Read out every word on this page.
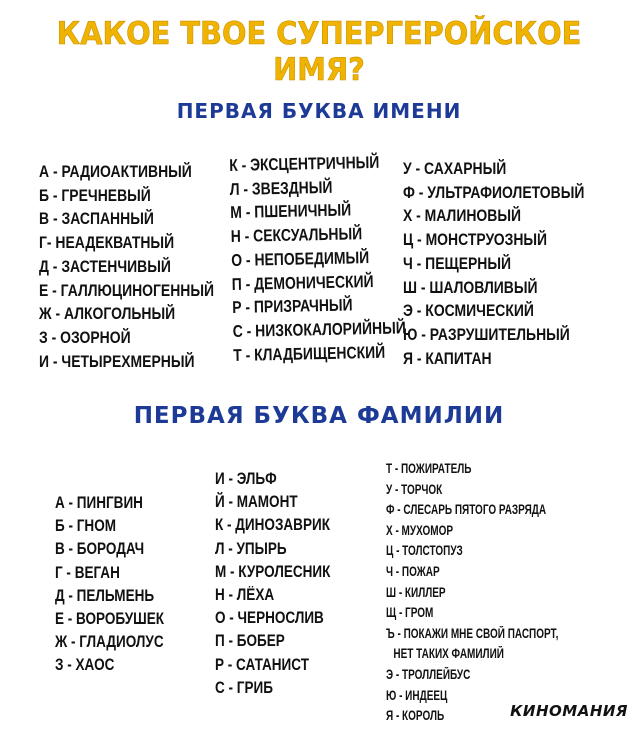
КАКОЕ ТВОЕ СУПЕРГЕРОЙСКОЕ ИМЯ?
ПЕРВАЯ БУКВА ИМЕНИ
А - РАДИОАКТИВНЫЙ
Б - ГРЕЧНЕВЫЙ
В - ЗАСПАННЫЙ
Г- НЕАДЕКВАТНЫЙ
Д - ЗАСТЕНЧИВЫЙ
Е - ГАЛЛЮЦИНОГЕННЫЙ
Ж - АЛКОГОЛЬНЫЙ
З - ОЗОРНОЙ
И - ЧЕТЫРЕХМЕРНЫЙ
К - ЭКСЦЕНТРИЧНЫЙ
Л - ЗВЕЗДНЫЙ
М - ПШЕНИЧНЫЙ
Н - СЕКСУАЛЬНЫЙ
О - НЕПОБЕДИМЫЙ
П - ДЕМОНИЧЕСКИЙ
Р - ПРИЗРАЧНЫЙ
С - НИЗКОКАЛОРИЙНЫЙ
Т - КЛАДБИЩЕНСКИЙ
У - САХАРНЫЙ
Ф - УЛЬТРАФИОЛЕТОВЫЙ
Х - МАЛИНОВЫЙ
Ц - МОНСТРУОЗНЫЙ
Ч - ПЕЩЕРНЫЙ
Ш - ШАЛОВЛИВЫЙ
Э - КОСМИЧЕСКИЙ
Ю - РАЗРУШИТЕЛЬНЫЙ
Я - КАПИТАН
ПЕРВАЯ БУКВА ФАМИЛИИ
А - ПИНГВИН
Б - ГНОМ
В - БОРОДАЧ
Г - ВЕГАН
Д - ПЕЛЬМЕНЬ
Е - ВОРОБУШЕК
Ж - ГЛАДИОЛУС
З - ХАОС
И - ЭЛЬФ
Й - МАМОНТ
К - ДИНОЗАВРИК
Л - УПЫРЬ
М - КУРОЛЕСНИК
Н - ЛЁХА
О - ЧЕРНОСЛИВ
П - БОБЕР
Р - САТАНИСТ
С - ГРИБ
Т - ПОЖИРАТЕЛЬ
У - ТОРЧОК
Ф - СЛЕСАРЬ ПЯТОГО РАЗРЯДА
Х - МУХОМОР
Ц - ТОЛСТОПУЗ
Ч - ПОЖАР
Ш - КИЛЛЕР
Щ - ГРОМ
Ъ - ПОКАЖИ МНЕ СВОЙ ПАСПОРТ,
НЕТ ТАКИХ ФАМИЛИЙ
Э - ТРОЛЛЕЙБУС
Ю - ИНДЕЕЦ
Я - КОРОЛЬ	КИНОМАНИЯ
